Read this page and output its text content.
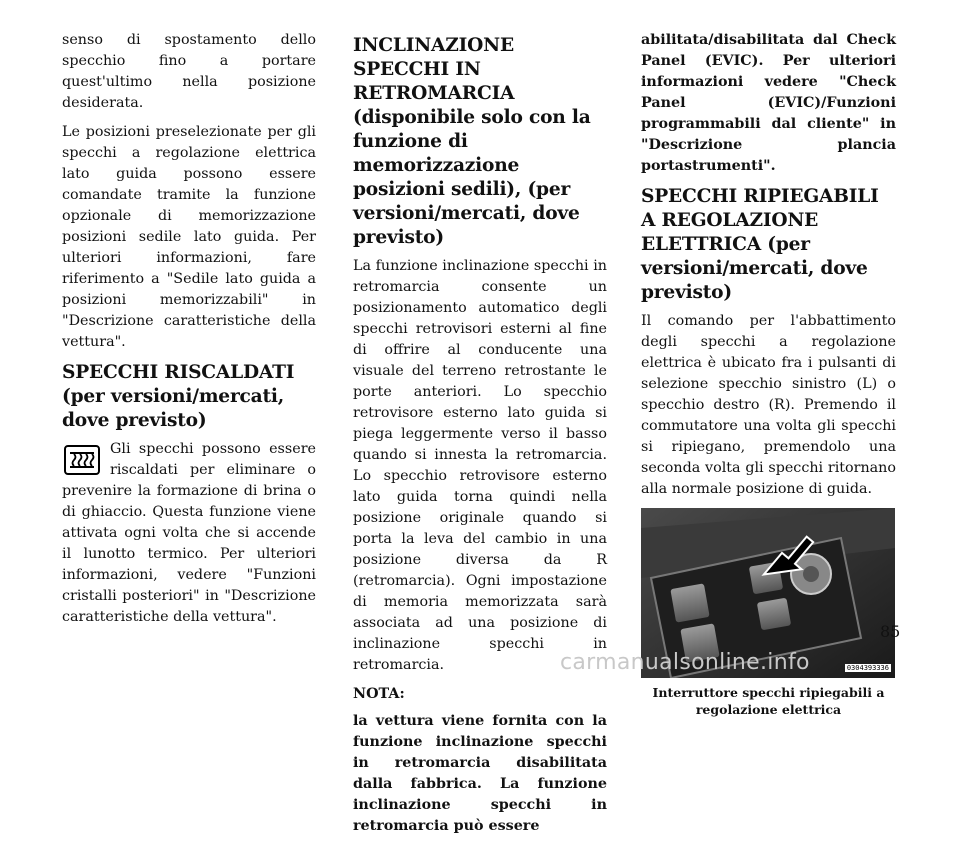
senso di spostamento dello specchio fino a portare quest'ultimo nella posizione desiderata.

Le posizioni preselezionate per gli specchi a regolazione elettrica lato guida possono essere comandate tramite la funzione opzionale di memorizzazione posizioni sedile lato guida. Per ulteriori informazioni, fare riferimento a "Sedile lato guida a posizioni memorizzabili" in "Descrizione caratteristiche della vettura".

SPECCHI RISCALDATI (per versioni/mercati, dove previsto)

Gli specchi possono essere riscaldati per eliminare o prevenire la formazione di brina o di ghiaccio. Questa funzione viene attivata ogni volta che si accende il lunotto termico. Per ulteriori informazioni, vedere "Funzioni cristalli posteriori" in "Descrizione caratteristiche della vettura".

INCLINAZIONE SPECCHI IN RETROMARCIA (disponibile solo con la funzione di memorizzazione posizioni sedili), (per versioni/mercati, dove previsto)

La funzione inclinazione specchi in retromarcia consente un posizionamento automatico degli specchi retrovisori esterni al fine di offrire al conducente una visuale del terreno retrostante le porte anteriori. Lo specchio retrovisore esterno lato guida si piega leggermente verso il basso quando si innesta la retromarcia. Lo specchio retrovisore esterno lato guida torna quindi nella posizione originale quando si porta la leva del cambio in una posizione diversa da R (retromarcia). Ogni impostazione di memoria memorizzata sarà associata ad una posizione di inclinazione specchi in retromarcia.

NOTA:

la vettura viene fornita con la funzione inclinazione specchi in retromarcia disabilitata dalla fabbrica. La funzione inclinazione specchi in retromarcia può essere

abilitata/disabilitata dal Check Panel (EVIC). Per ulteriori informazioni vedere "Check Panel (EVIC)/Funzioni programmabili dal cliente" in "Descrizione plancia portastrumenti".

SPECCHI RIPIEGABILI A REGOLAZIONE ELETTRICA (per versioni/mercati, dove previsto)

Il comando per l'abbattimento degli specchi a regolazione elettrica è ubicato fra i pulsanti di selezione specchio sinistro (L) o specchio destro (R). Premendo il commutatore una volta gli specchi si ripiegano, premendolo una seconda volta gli specchi ritornano alla normale posizione di guida.

0304393336
Interruttore specchi ripiegabili a regolazione elettrica
85
carmanualsonline.info
